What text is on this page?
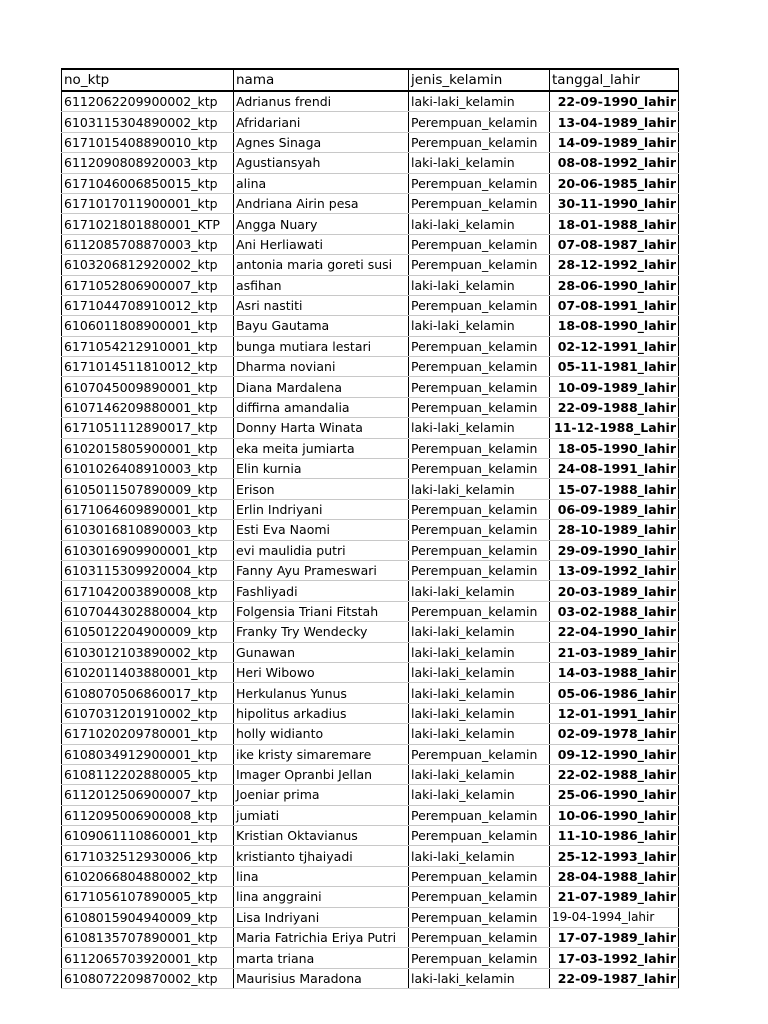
no_ktp	nama	jenis_kelamin	tanggal_lahir
6112062209900002_ktp	Adrianus frendi	laki-laki_kelamin	22-09-1990_lahir
6103115304890002_ktp	Afridariani	Perempuan_kelamin	13-04-1989_lahir
6171015408890010_ktp	Agnes Sinaga	Perempuan_kelamin	14-09-1989_lahir
6112090808920003_ktp	Agustiansyah	laki-laki_kelamin	08-08-1992_lahir
6171046006850015_ktp	alina	Perempuan_kelamin	20-06-1985_lahir
6171017011900001_ktp	Andriana Airin pesa	Perempuan_kelamin	30-11-1990_lahir
6171021801880001_KTP	Angga Nuary	laki-laki_kelamin	18-01-1988_lahir
6112085708870003_ktp	Ani Herliawati	Perempuan_kelamin	07-08-1987_lahir
6103206812920002_ktp	antonia maria goreti susi	Perempuan_kelamin	28-12-1992_lahir
6171052806900007_ktp	asfihan	laki-laki_kelamin	28-06-1990_lahir
6171044708910012_ktp	Asri nastiti	Perempuan_kelamin	07-08-1991_lahir
6106011808900001_ktp	Bayu Gautama	laki-laki_kelamin	18-08-1990_lahir
6171054212910001_ktp	bunga mutiara lestari	Perempuan_kelamin	02-12-1991_lahir
6171014511810012_ktp	Dharma noviani	Perempuan_kelamin	05-11-1981_lahir
6107045009890001_ktp	Diana Mardalena	Perempuan_kelamin	10-09-1989_lahir
6107146209880001_ktp	diffirna amandalia	Perempuan_kelamin	22-09-1988_lahir
6171051112890017_ktp	Donny Harta Winata	laki-laki_kelamin	11-12-1988_Lahir
6102015805900001_ktp	eka meita jumiarta	Perempuan_kelamin	18-05-1990_lahir
6101026408910003_ktp	Elin kurnia	Perempuan_kelamin	24-08-1991_lahir
6105011507890009_ktp	Erison	laki-laki_kelamin	15-07-1988_lahir
6171064609890001_ktp	Erlin Indriyani	Perempuan_kelamin	06-09-1989_lahir
6103016810890003_ktp	Esti Eva Naomi	Perempuan_kelamin	28-10-1989_lahir
6103016909900001_ktp	evi maulidia putri	Perempuan_kelamin	29-09-1990_lahir
6103115309920004_ktp	Fanny Ayu Prameswari	Perempuan_kelamin	13-09-1992_lahir
6171042003890008_ktp	Fashliyadi	laki-laki_kelamin	20-03-1989_lahir
6107044302880004_ktp	Folgensia Triani Fitstah	Perempuan_kelamin	03-02-1988_lahir
6105012204900009_ktp	Franky Try Wendecky	laki-laki_kelamin	22-04-1990_lahir
6103012103890002_ktp	Gunawan	laki-laki_kelamin	21-03-1989_lahir
6102011403880001_ktp	Heri Wibowo	laki-laki_kelamin	14-03-1988_lahir
6108070506860017_ktp	Herkulanus Yunus	laki-laki_kelamin	05-06-1986_lahir
6107031201910002_ktp	hipolitus arkadius	laki-laki_kelamin	12-01-1991_lahir
6171020209780001_ktp	holly widianto	laki-laki_kelamin	02-09-1978_lahir
6108034912900001_ktp	ike kristy simaremare	Perempuan_kelamin	09-12-1990_lahir
6108112202880005_ktp	Imager Opranbi Jellan	laki-laki_kelamin	22-02-1988_lahir
6112012506900007_ktp	Joeniar prima	laki-laki_kelamin	25-06-1990_lahir
6112095006900008_ktp	jumiati	Perempuan_kelamin	10-06-1990_lahir
6109061110860001_ktp	Kristian Oktavianus	Perempuan_kelamin	11-10-1986_lahir
6171032512930006_ktp	kristianto tjhaiyadi	laki-laki_kelamin	25-12-1993_lahir
6102066804880002_ktp	lina	Perempuan_kelamin	28-04-1988_lahir
6171056107890005_ktp	lina anggraini	Perempuan_kelamin	21-07-1989_lahir
6108015904940009_ktp	Lisa Indriyani	Perempuan_kelamin	19-04-1994_lahir
6108135707890001_ktp	Maria Fatrichia Eriya Putri	Perempuan_kelamin	17-07-1989_lahir
6112065703920001_ktp	marta triana	Perempuan_kelamin	17-03-1992_lahir
6108072209870002_ktp	Maurisius Maradona	laki-laki_kelamin	22-09-1987_lahir
